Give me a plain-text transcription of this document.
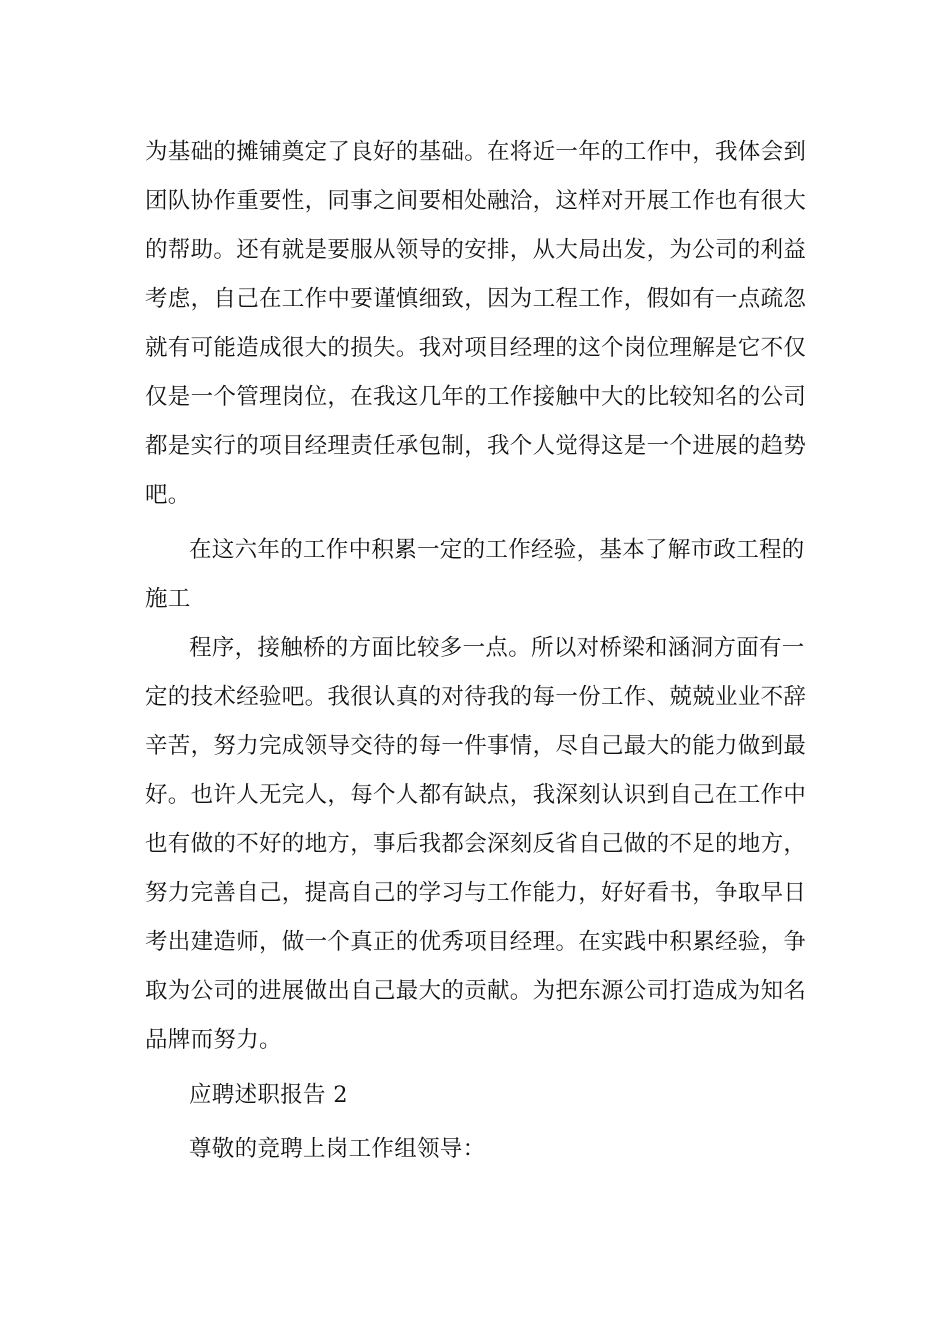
为基础的摊铺奠定了良好的基础。在将近一年的工作中，我体会到
团队协作重要性，同事之间要相处融洽，这样对开展工作也有很大
的帮助。还有就是要服从领导的安排，从大局出发，为公司的利益
考虑，自己在工作中要谨慎细致，因为工程工作，假如有一点疏忽
就有可能造成很大的损失。我对项目经理的这个岗位理解是它不仅
仅是一个管理岗位，在我这几年的工作接触中大的比较知名的公司
都是实行的项目经理责任承包制，我个人觉得这是一个进展的趋势
吧。
在这六年的工作中积累一定的工作经验，基本了解市政工程的
施工
程序，接触桥的方面比较多一点。所以对桥梁和涵洞方面有一
定的技术经验吧。我很认真的对待我的每一份工作、兢兢业业不辞
辛苦，努力完成领导交待的每一件事情，尽自己最大的能力做到最
好。也许人无完人，每个人都有缺点，我深刻认识到自己在工作中
也有做的不好的地方，事后我都会深刻反省自己做的不足的地方，
努力完善自己，提高自己的学习与工作能力，好好看书，争取早日
考出建造师，做一个真正的优秀项目经理。在实践中积累经验，争
取为公司的进展做出自己最大的贡献。为把东源公司打造成为知名
品牌而努力。
应聘述职报告 2
尊敬的竞聘上岗工作组领导：
